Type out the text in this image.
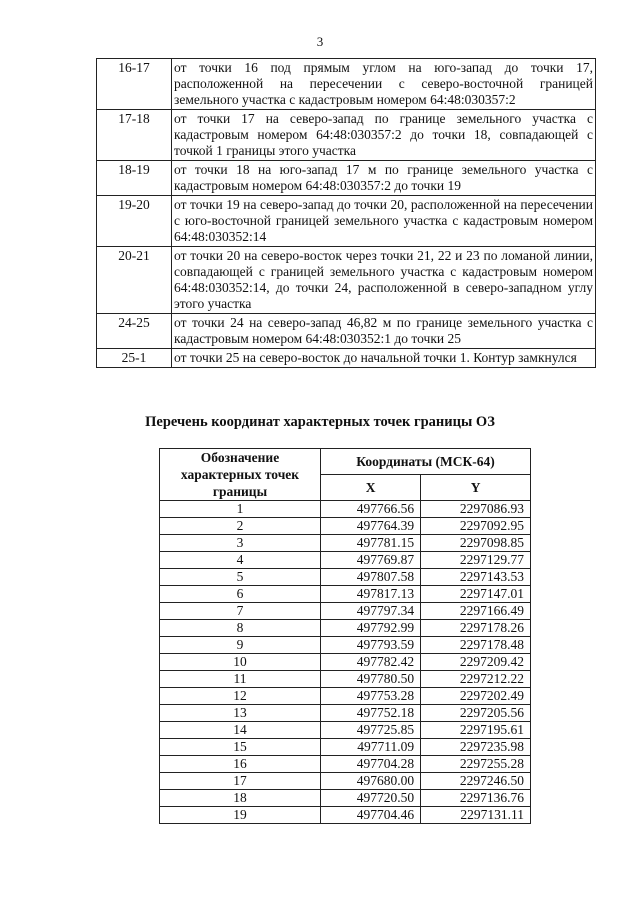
3
16-17	от точки 16 под прямым углом на юго-запад до точки 17, расположенной на пересечении с северо-восточной границей земельного участка с кадастровым номером 64:48:030357:2
17-18	от точки 17 на северо-запад по границе земельного участка с кадастровым номером 64:48:030357:2 до точки 18, совпадающей с точкой 1 границы этого участка
18-19	от точки 18 на юго-запад 17 м по границе земельного участка с кадастровым номером 64:48:030357:2 до точки 19
19-20	от точки 19 на северо-запад до точки 20, расположенной на пересечении с юго-восточной границей земельного участка с кадастровым номером 64:48:030352:14
20-21	от точки 20 на северо-восток через точки 21, 22 и 23 по ломаной линии, совпадающей с границей земельного участка с кадастровым номером 64:48:030352:14, до точки 24, расположенной в северо-западном углу этого участка
24-25	от точки 24 на северо-запад 46,82 м по границе земельного участка с кадастровым номером 64:48:030352:1 до точки 25
25-1	от точки 25 на северо-восток до начальной точки 1. Контур замкнулся
Перечень координат характерных точек границы ОЗ
Обозначение характерных точек границы	Координаты (МСК-64)	
	X	Y
1	497766.56	2297086.93
2	497764.39	2297092.95
3	497781.15	2297098.85
4	497769.87	2297129.77
5	497807.58	2297143.53
6	497817.13	2297147.01
7	497797.34	2297166.49
8	497792.99	2297178.26
9	497793.59	2297178.48
10	497782.42	2297209.42
11	497780.50	2297212.22
12	497753.28	2297202.49
13	497752.18	2297205.56
14	497725.85	2297195.61
15	497711.09	2297235.98
16	497704.28	2297255.28
17	497680.00	2297246.50
18	497720.50	2297136.76
19	497704.46	2297131.11
